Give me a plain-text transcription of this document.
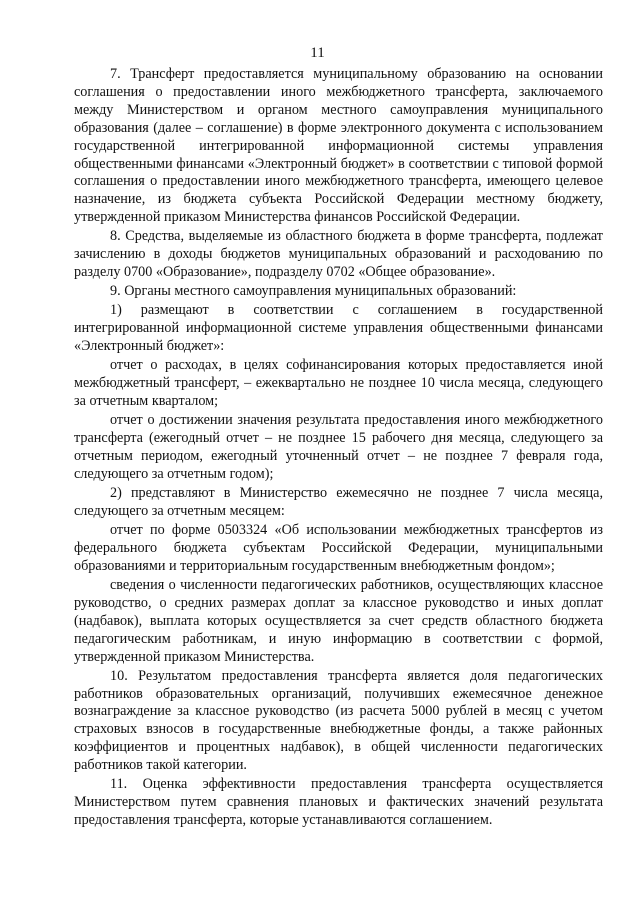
11

7. Трансферт предоставляется муниципальному образованию на основании соглашения о предоставлении иного межбюджетного трансферта, заключаемого между Министерством и органом местного самоуправления муниципального образования (далее – соглашение) в форме электронного документа с использованием государственной интегрированной информационной системы управления общественными финансами «Электронный бюджет» в соответствии с типовой формой соглашения о предоставлении иного межбюджетного трансферта, имеющего целевое назначение, из бюджета субъекта Российской Федерации местному бюджету, утвержденной приказом Министерства финансов Российской Федерации.

8. Средства, выделяемые из областного бюджета в форме трансферта, подлежат зачислению в доходы бюджетов муниципальных образований и расходованию по разделу 0700 «Образование», подразделу 0702 «Общее образование».

9. Органы местного самоуправления муниципальных образований:

1) размещают в соответствии с соглашением в государственной интегрированной информационной системе управления общественными финансами «Электронный бюджет»:

отчет о расходах, в целях софинансирования которых предоставляется иной межбюджетный трансферт, – ежеквартально не позднее 10 числа месяца, следующего за отчетным кварталом;

отчет о достижении значения результата предоставления иного межбюджетного трансферта (ежегодный отчет – не позднее 15 рабочего дня месяца, следующего за отчетным периодом, ежегодный уточненный отчет – не позднее 7 февраля года, следующего за отчетным годом);

2) представляют в Министерство ежемесячно не позднее 7 числа месяца, следующего за отчетным месяцем:

отчет по форме 0503324 «Об использовании межбюджетных трансфертов из федерального бюджета субъектам Российской Федерации, муниципальными образованиями и территориальным государственным внебюджетным фондом»;

сведения о численности педагогических работников, осуществляющих классное руководство, о средних размерах доплат за классное руководство и иных доплат (надбавок), выплата которых осуществляется за счет средств областного бюджета педагогическим работникам, и иную информацию в соответствии с формой, утвержденной приказом Министерства.

10. Результатом предоставления трансферта является доля педагогических работников образовательных организаций, получивших ежемесячное денежное вознаграждение за классное руководство (из расчета 5000 рублей в месяц с учетом страховых взносов в государственные внебюджетные фонды, а также районных коэффициентов и процентных надбавок), в общей численности педагогических работников такой категории.

11. Оценка эффективности предоставления трансферта осуществляется Министерством путем сравнения плановых и фактических значений результата предоставления трансферта, которые устанавливаются соглашением.
